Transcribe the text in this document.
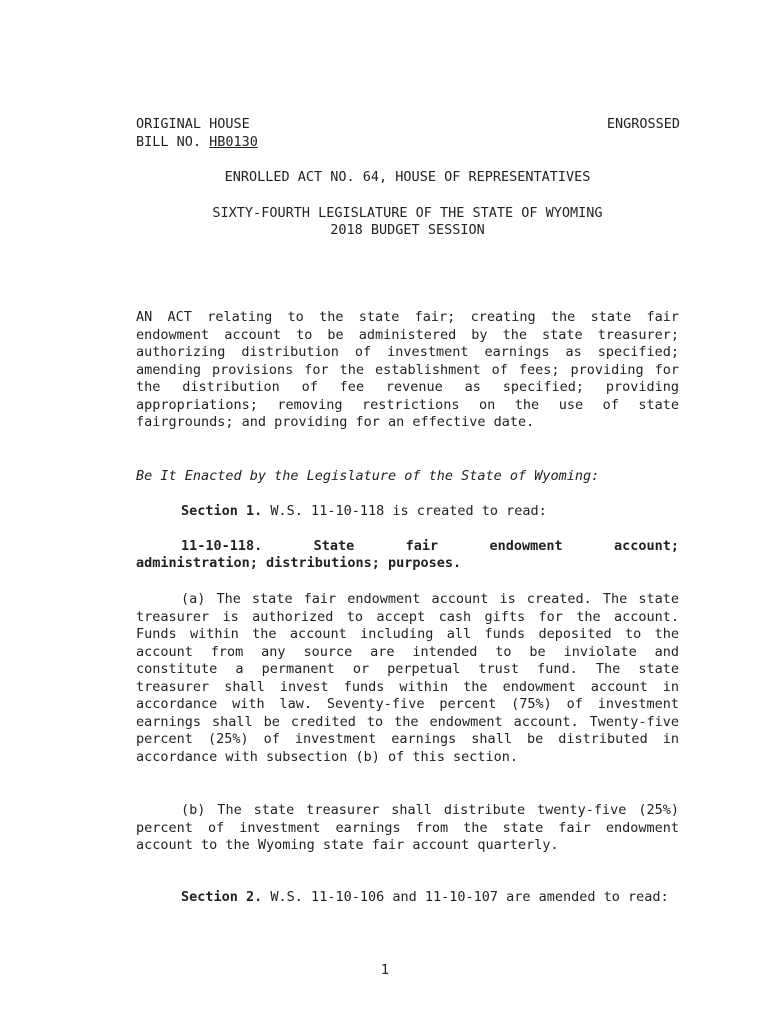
ORIGINAL HOUSE	ENGROSSED
BILL NO. HB0130
ENROLLED ACT NO. 64, HOUSE OF REPRESENTATIVES
SIXTY-FOURTH LEGISLATURE OF THE STATE OF WYOMING
2018 BUDGET SESSION

AN ACT relating to the state fair; creating the state fair endowment account to be administered by the state treasurer; authorizing distribution of investment earnings as specified; amending provisions for the establishment of fees; providing for the distribution of fee revenue as specified; providing appropriations; removing restrictions on the use of state fairgrounds; and providing for an effective date.

Be It Enacted by the Legislature of the State of Wyoming:

Section 1. W.S. 11-10-118 is created to read:

11-10-118. State fair endowment account;

administration; distributions; purposes.

(a) The state fair endowment account is created. The state treasurer is authorized to accept cash gifts for the account. Funds within the account including all funds deposited to the account from any source are intended to be inviolate and constitute a permanent or perpetual trust fund. The state treasurer shall invest funds within the endowment account in accordance with law. Seventy-five percent (75%) of investment earnings shall be credited to the endowment account. Twenty-five percent (25%) of investment earnings shall be distributed in accordance with subsection (b) of this section.

(b) The state treasurer shall distribute twenty-five (25%) percent of investment earnings from the state fair endowment account to the Wyoming state fair account quarterly.

Section 2. W.S. 11-10-106 and 11-10-107 are amended to read:

1
